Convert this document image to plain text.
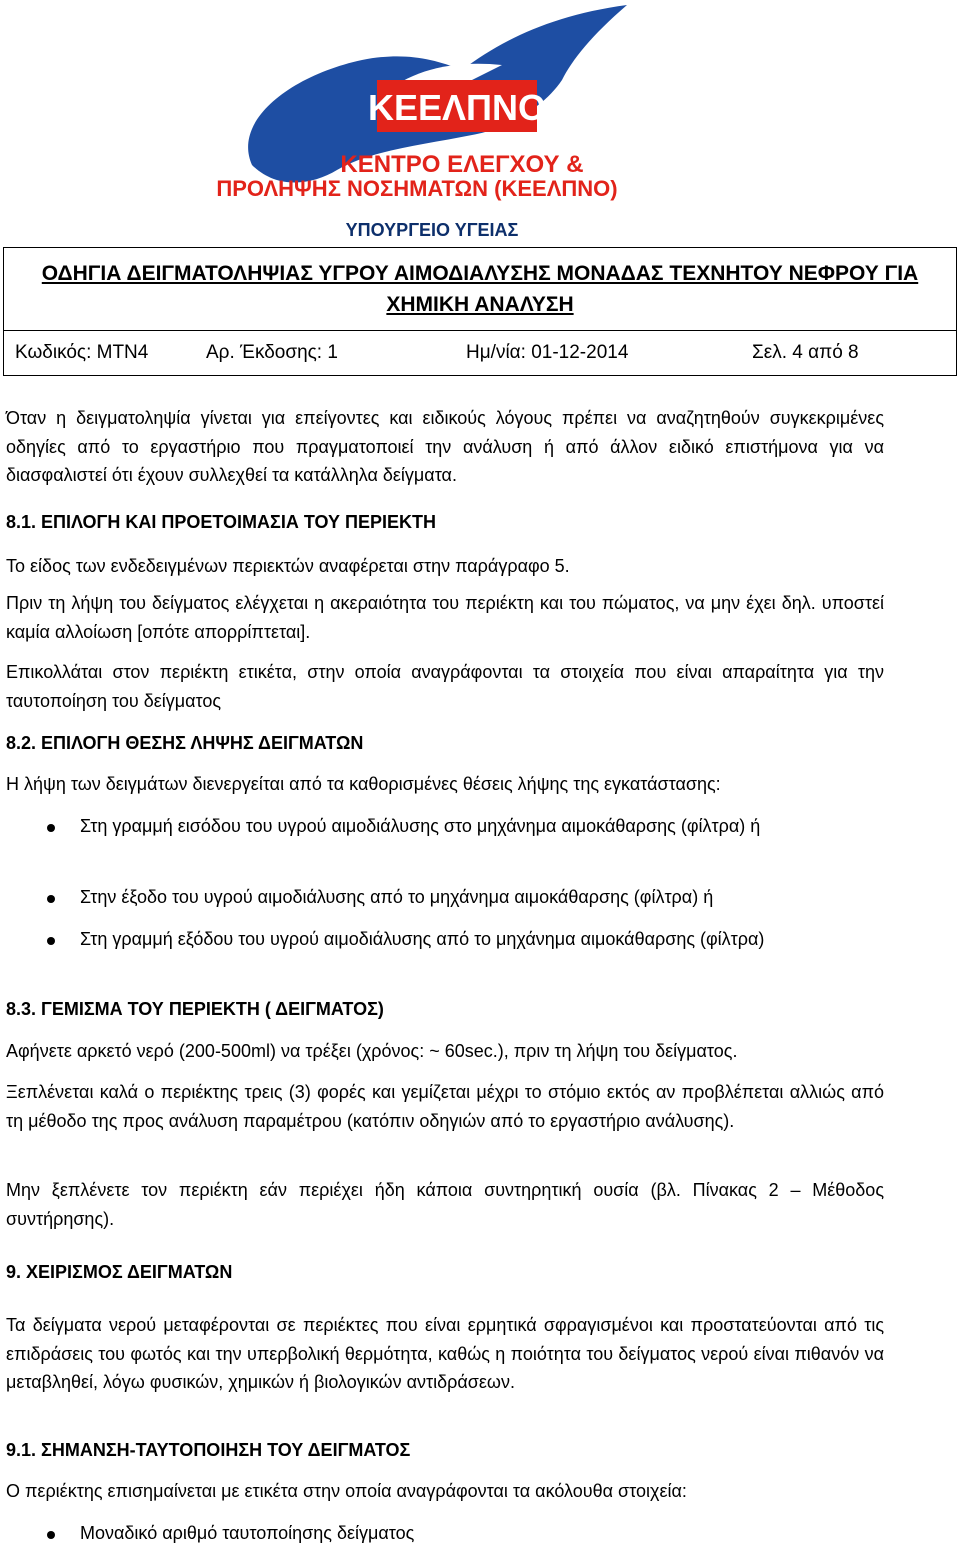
ΚΕΕΛΠΝΟ
ΚΕΝΤΡΟ ΕΛΕΓΧΟΥ &
ΠΡΟΛΗΨΗΣ ΝΟΣΗΜΑΤΩΝ (ΚΕΕΛΠΝΟ)
ΥΠΟΥΡΓΕΙΟ ΥΓΕΙΑΣ
ΟΔΗΓΙΑ ΔΕΙΓΜΑΤΟΛΗΨΙΑΣ ΥΓΡΟΥ ΑΙΜΟΔΙΑΛΥΣΗΣ ΜΟΝΑΔΑΣ ΤΕΧΝΗΤΟΥ ΝΕΦΡΟΥ ΓΙΑ
ΧΗΜΙΚΗ ΑΝΑΛΥΣΗ

Κωδικός: ΜΤΝ4	Αρ. Έκδοσης: 1	Ημ/νία: 01-12-2014	Σελ. 4 από 8

Όταν η δειγματοληψία γίνεται για επείγοντες και ειδικούς λόγους πρέπει να αναζητηθούν συγκεκριμένες οδηγίες από το εργαστήριο που πραγματοποιεί την ανάλυση ή από άλλον ειδικό επιστήμονα για να διασφαλιστεί ότι έχουν συλλεχθεί τα κατάλληλα δείγματα.

8.1. ΕΠΙΛΟΓΗ ΚΑΙ ΠΡΟΕΤΟΙΜΑΣΙΑ ΤΟΥ ΠΕΡΙΕΚΤΗ
Το είδος των ενδεδειγμένων περιεκτών αναφέρεται στην παράγραφο 5.

Πριν τη λήψη του δείγματος ελέγχεται η ακεραιότητα του περιέκτη και του πώματος, να μην έχει δηλ. υποστεί καμία αλλοίωση [οπότε απορρίπτεται].

Επικολλάται στον περιέκτη ετικέτα, στην οποία αναγράφονται τα στοιχεία που είναι απαραίτητα για την ταυτοποίηση του δείγματος

8.2. ΕΠΙΛΟΓΗ ΘΕΣΗΣ ΛΗΨΗΣ ΔΕΙΓΜΑΤΩΝ
Η λήψη των δειγμάτων διενεργείται από τα καθορισμένες θέσεις λήψης της εγκατάστασης:

Στη γραμμή εισόδου του υγρού αιμοδιάλυσης στο μηχάνημα αιμοκάθαρσης (φίλτρα) ή

Στην έξοδο του υγρού αιμοδιάλυσης από το μηχάνημα αιμοκάθαρσης (φίλτρα) ή

Στη γραμμή εξόδου του υγρού αιμοδιάλυσης από το μηχάνημα αιμοκάθαρσης (φίλτρα)

8.3. ΓΕΜΙΣΜΑ ΤΟΥ ΠΕΡΙΕΚΤΗ ( ΔΕΙΓΜΑΤΟΣ)
Αφήνετε αρκετό νερό (200-500ml) να τρέξει (χρόνος: ~ 60sec.), πριν τη λήψη του δείγματος.

Ξεπλένεται καλά ο περιέκτης τρεις (3) φορές και γεμίζεται μέχρι το στόμιο εκτός αν προβλέπεται αλλιώς από τη μέθοδο της προς ανάλυση παραμέτρου (κατόπιν οδηγιών από το εργαστήριο ανάλυσης).

Μην ξεπλένετε τον περιέκτη εάν περιέχει ήδη κάποια συντηρητική ουσία (βλ. Πίνακας 2 – Μέθοδος συντήρησης).

9. ΧΕΙΡΙΣΜΟΣ ΔΕΙΓΜΑΤΩΝ

Τα δείγματα νερού μεταφέρονται σε περιέκτες που είναι ερμητικά σφραγισμένοι και προστατεύονται από τις επιδράσεις του φωτός και την υπερβολική θερμότητα, καθώς η ποιότητα του δείγματος νερού είναι πιθανόν να μεταβληθεί, λόγω φυσικών, χημικών ή βιολογικών αντιδράσεων.

9.1. ΣΗΜΑΝΣΗ-ΤΑΥΤΟΠΟΙΗΣΗ ΤΟΥ ΔΕΙΓΜΑΤΟΣ
Ο περιέκτης επισημαίνεται με ετικέτα στην οποία αναγράφονται τα ακόλουθα στοιχεία:

Μοναδικό αριθμό ταυτοποίησης δείγματος
